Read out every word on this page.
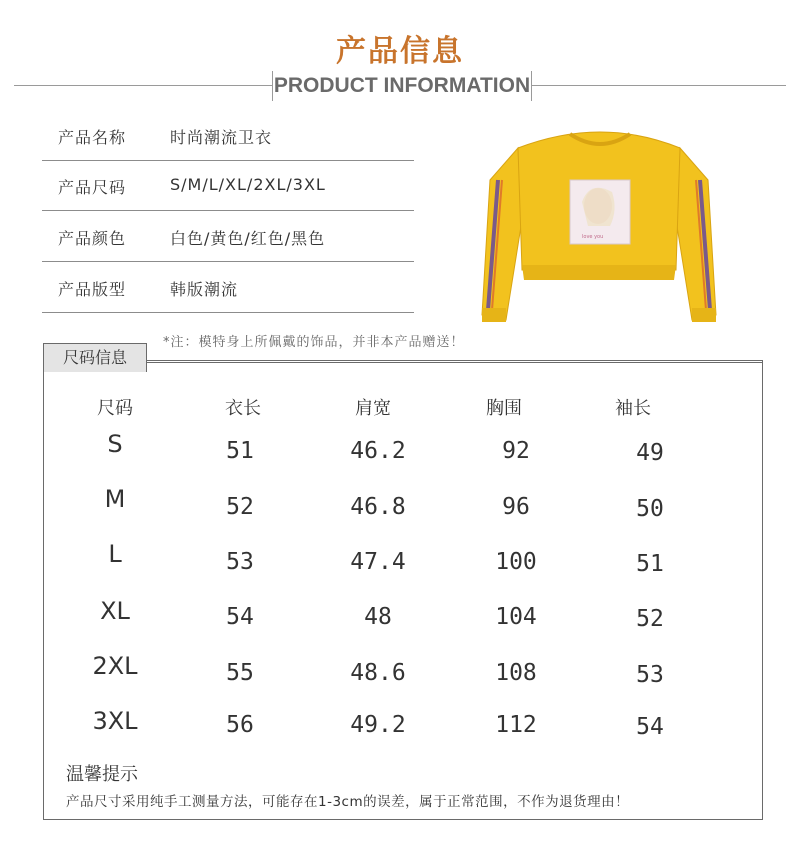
产品信息
PRODUCT INFORMATION
产品名称	时尚潮流卫衣
产品尺码	S/M/L/XL/2XL/3XL
产品颜色	白色/黄色/红色/黑色
产品版型	韩版潮流
love you
*注：模特身上所佩戴的饰品，并非本产品赠送！
尺码信息
尺码	衣长	肩宽	胸围	袖长
S	51	46.2	92	49
M	52	46.8	96	50
L	53	47.4	100	51
XL	54	48	104	52
2XL	55	48.6	108	53
3XL	56	49.2	112	54
温馨提示
产品尺寸采用纯手工测量方法，可能存在1-3cm的误差，属于正常范围，不作为退货理由！
